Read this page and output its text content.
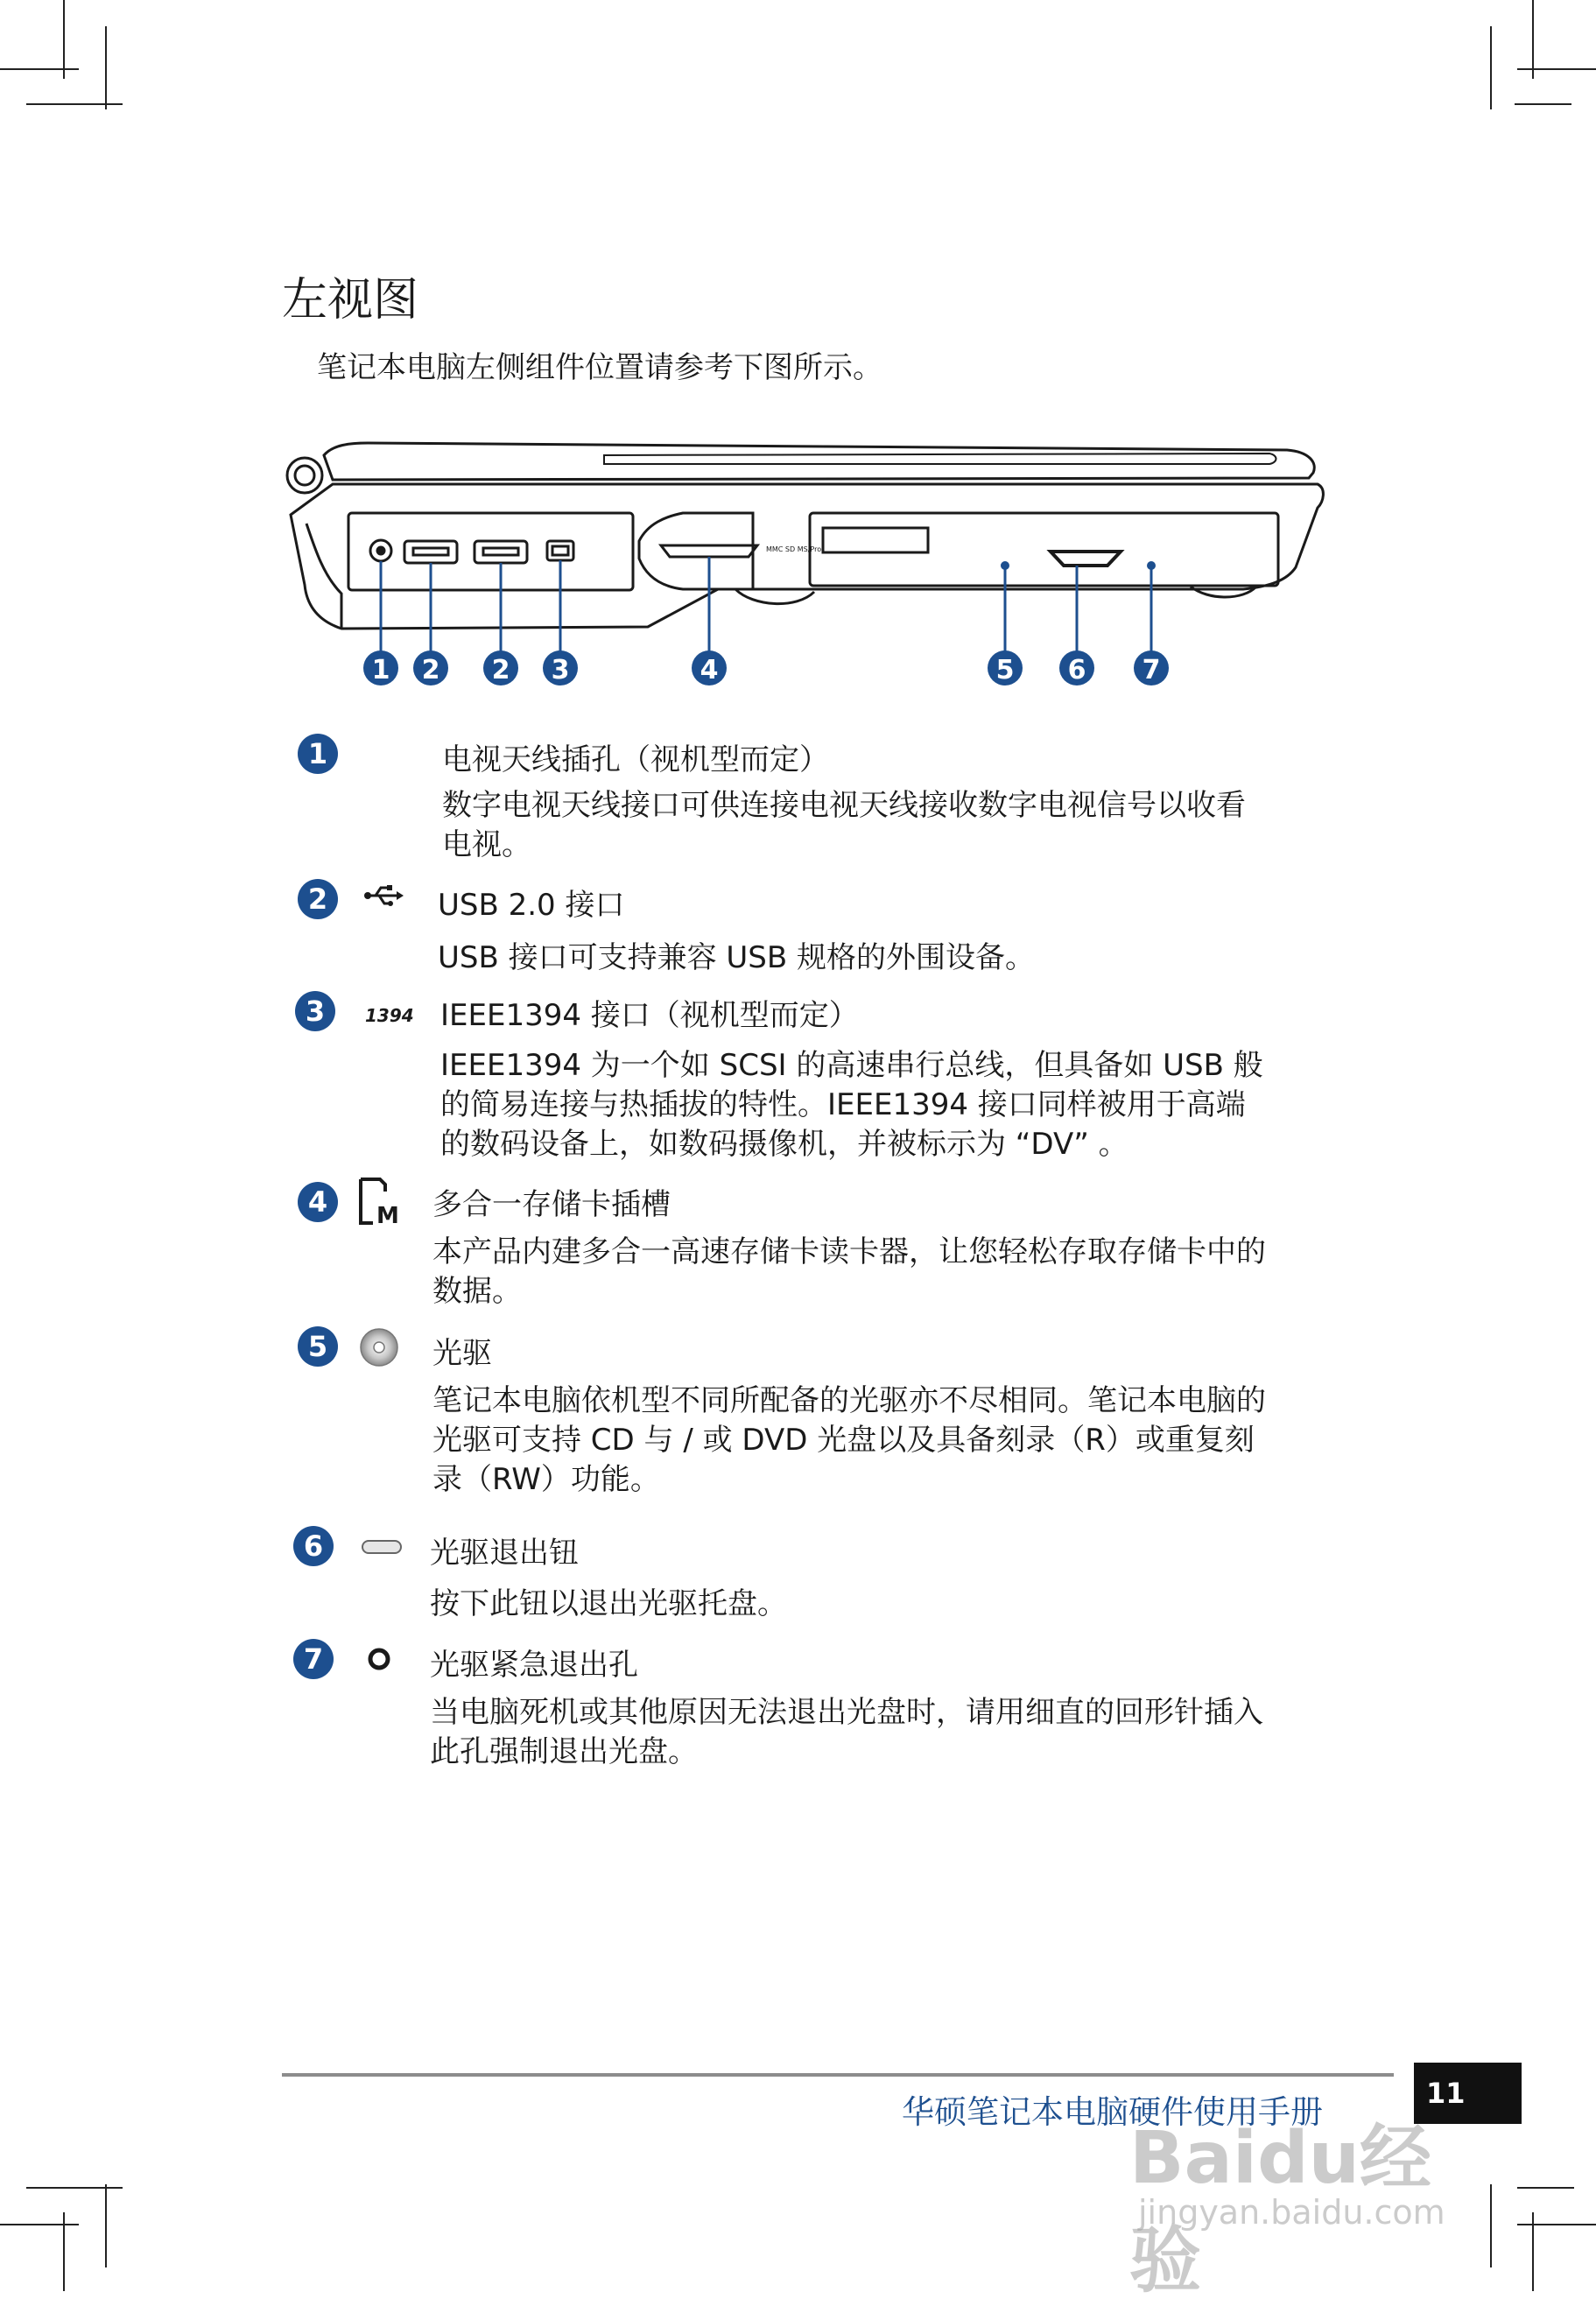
左视图
笔记本电脑左侧组件位置请参考下图所示。
MMC SD MS/Pro
1 2 2 3	4	5 6 7
1	电视天线插孔（视机型而定）
数字电视天线接口可供连接电视天线接收数字电视信号以收看
电视。
2	USB 2.0 接口
USB 接口可支持兼容 USB 规格的外围设备。
3	1394 IEEE1394 接口（视机型而定）
IEEE1394 为一个如 SCSI 的高速串行总线，但具备如 USB 般
的简易连接与热插拔的特性。IEEE1394 接口同样被用于高端
的数码设备上，如数码摄像机，并被标示为 “DV” 。
4	M 多合一存储卡插槽
本产品内建多合一高速存储卡读卡器，让您轻松存取存储卡中的
数据。
5	光驱
笔记本电脑依机型不同所配备的光驱亦不尽相同。笔记本电脑的
光驱可支持 CD 与 / 或 DVD 光盘以及具备刻录（R）或重复刻
录（RW）功能。
6	光驱退出钮
按下此钮以退出光驱托盘。
7	光驱紧急退出孔
当电脑死机或其他原因无法退出光盘时，请用细直的回形针插入
此孔强制退出光盘。
华硕笔记本电脑硬件使用手册	11
Baidu经验
jingyan.baidu.com
